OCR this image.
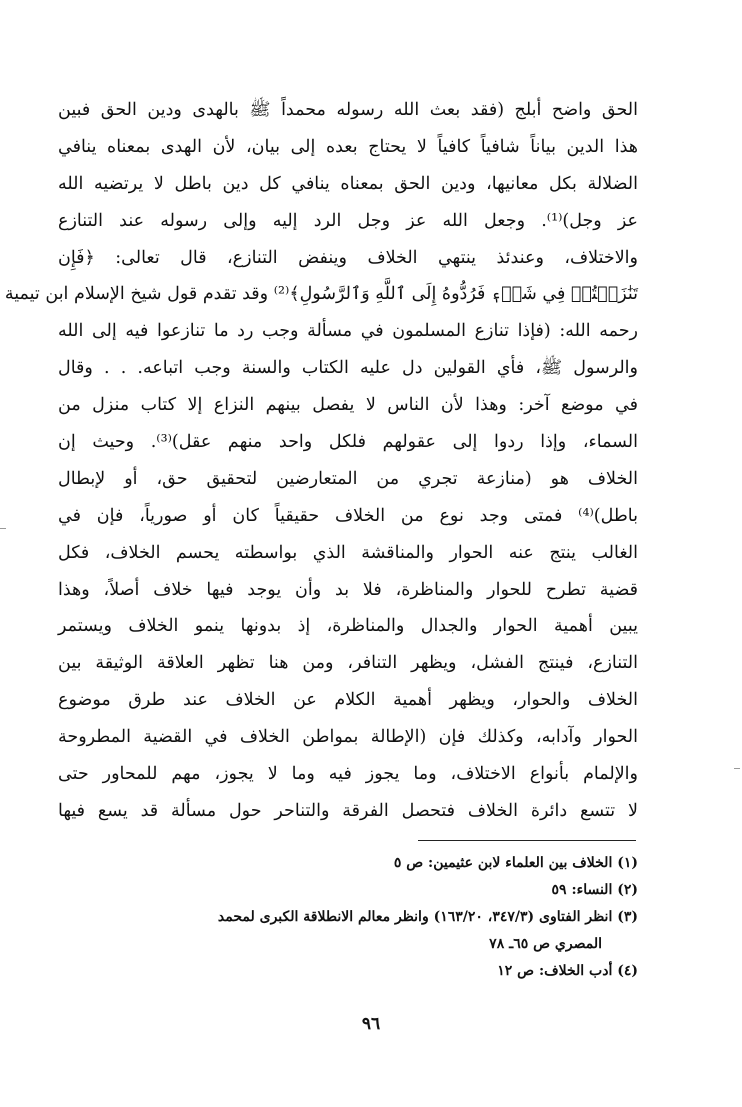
الحق واضح أبلج (فقد بعث الله رسوله محمداً ﷺ بالهدى ودين الحق فبين
هذا الدين بياناً شافياً كافياً لا يحتاج بعده إلى بيان، لأن الهدى بمعناه ينافي
الضلالة بكل معانيها، ودين الحق بمعناه ينافي كل دين باطل لا يرتضيه الله
عز وجل)⁽¹⁾. وجعل الله عز وجل الرد إليه وإلى رسوله عند التنازع
والاختلاف، وعندئذ ينتهي الخلاف وينفض التنازع، قال تعالى: ﴿فَإِن
تَنَٰزَعۡتُمۡ فِي شَيۡءٖ فَرُدُّوهُ إِلَى ٱللَّهِ وَٱلرَّسُولِ﴾⁽²⁾ وقد تقدم قول شيخ الإسلام ابن تيمية
رحمه الله: (فإذا تنازع المسلمون في مسألة وجب رد ما تنازعوا فيه إلى الله
والرسول ﷺ، فأي القولين دل عليه الكتاب والسنة وجب اتباعه. . . وقال
في موضع آخر: وهذا لأن الناس لا يفصل بينهم النزاع إلا كتاب منزل من
السماء، وإذا ردوا إلى عقولهم فلكل واحد منهم عقل)⁽³⁾. وحيث إن
الخلاف هو (منازعة تجري من المتعارضين لتحقيق حق، أو لإبطال
باطل)⁽⁴⁾ فمتى وجد نوع من الخلاف حقيقياً كان أو صورياً، فإن في
الغالب ينتج عنه الحوار والمناقشة الذي بواسطته يحسم الخلاف، فكل
قضية تطرح للحوار والمناظرة، فلا بد وأن يوجد فيها خلاف أصلاً، وهذا
يبين أهمية الحوار والجدال والمناظرة، إذ بدونها ينمو الخلاف ويستمر
التنازع، فينتج الفشل، ويظهر التنافر، ومن هنا تظهر العلاقة الوثيقة بين
الخلاف والحوار، ويظهر أهمية الكلام عن الخلاف عند طرق موضوع
الحوار وآدابه، وكذلك فإن (الإطالة بمواطن الخلاف في القضية المطروحة
والإلمام بأنواع الاختلاف، وما يجوز فيه وما لا يجوز، مهم للمحاور حتى
لا تتسع دائرة الخلاف فتحصل الفرقة والتناحر حول مسألة قد يسع فيها
(١) الخلاف بين العلماء لابن عثيمين: ص ٥
(٢) النساء: ٥٩
(٣) انظر الفتاوى (٣٤٧/٣، ١٦٣/٢٠) وانظر معالم الانطلاقة الكبرى لمحمد
المصري ص ٦٥ـ ٧٨
(٤) أدب الخلاف: ص ١٢
٩٦
